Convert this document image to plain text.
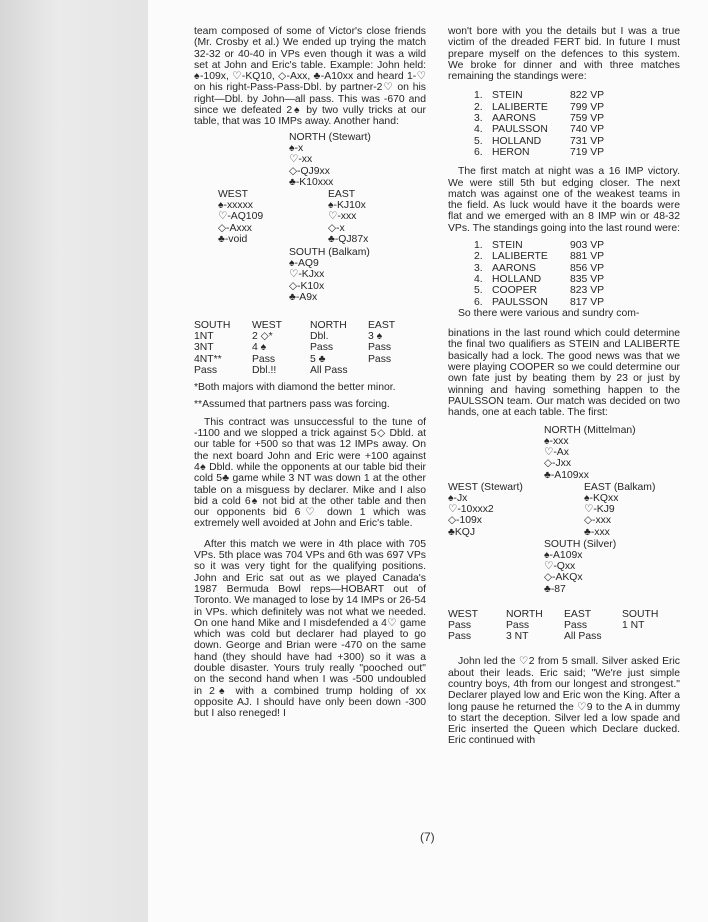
team composed of some of Victor's close friends (Mr. Crosby et al.) We ended up trying the match 32-32 or 40-40 in VPs even though it was a wild set at John and Eric's table. Example: John held: ♠-109x, ♡-KQ10, ◇-Axx, ♣-A10xx and heard 1-♡ on his right-Pass-Pass-Dbl. by partner-2♡ on his right—Dbl. by John—all pass. This was -670 and since we defeated 2♠ by two vully tricks at our table, that was 10 IMPs away. Another hand:

NORTH (Stewart)
♠-x
♡-xx
◇-QJ9xx
♣-K10xxx
WEST
♠-xxxxx
♡-AQ109
◇-Axxx
♣-void
EAST
♠-KJ10x
♡-xxx
◇-x
♣-QJ87x
SOUTH (Balkam)
♠-AQ9
♡-KJxx
◇-K10x
♣-A9x
SOUTH	WEST	NORTH	EAST
1NT	2 ◇*	Dbl.	3 ♠
3NT	4 ♠	Pass	Pass
4NT**	Pass	5 ♣	Pass
Pass	Dbl.!!	All Pass	

*Both majors with diamond the better minor.

**Assumed that partners pass was forcing.

This contract was unsuccessful to the tune of -1100 and we slopped a trick against 5◇ Dbld. at our table for +500 so that was 12 IMPs away. On the next board John and Eric were +100 against 4♠ Dbld. while the opponents at our table bid their cold 5♣ game while 3 NT was down 1 at the other table on a misguess by declarer. Mike and I also bid a cold 6♠ not bid at the other table and then our opponents bid 6♡ down 1 which was extremely well avoided at John and Eric's table.

After this match we were in 4th place with 705 VPs. 5th place was 704 VPs and 6th was 697 VPs so it was very tight for the qualifying positions. John and Eric sat out as we played Canada's 1987 Bermuda Bowl reps—HOBART out of Toronto. We managed to lose by 14 IMPs or 26-54 in VPs. which definitely was not what we needed. On one hand Mike and I misdefended a 4♡ game which was cold but declarer had played to go down. George and Brian were -470 on the same hand (they should have had +300) so it was a double disaster. Yours truly really "pooched out" on the second hand when I was -500 undoubled in 2♠ with a combined trump holding of xx opposite AJ. I should have only been down -300 but I also reneged! I

won't bore with you the details but I was a true victim of the dreaded FERT bid. In future I must prepare myself on the defences to this system. We broke for dinner and with three matches remaining the standings were:

1.	STEIN	822 VP
2.	LALIBERTE	799 VP
3.	AARONS	759 VP
4.	PAULSSON	740 VP
5.	HOLLAND	731 VP
6.	HERON	719 VP

The first match at night was a 16 IMP victory. We were still 5th but edging closer. The next match was against one of the weakest teams in the field. As luck would have it the boards were flat and we emerged with an 8 IMP win or 48-32 VPs. The standings going into the last round were:

1.	STEIN	903 VP
2.	LALIBERTE	881 VP
3.	AARONS	856 VP
4.	HOLLAND	835 VP
5.	COOPER	823 VP
6.	PAULSSON	817 VP

So there were various and sundry com-

binations in the last round which could determine the final two qualifiers as STEIN and LALIBERTE basically had a lock. The good news was that we were playing COOPER so we could determine our own fate just by beating them by 23 or just by winning and having something happen to the PAULSSON team. Our match was decided on two hands, one at each table. The first:

NORTH (Mittelman)
♠-xxx
♡-Ax
◇-Jxx
♣-A109xx
WEST (Stewart)
♠-Jx
♡-10xxx2
◇-109x
♣KQJ
EAST (Balkam)
♠-KQxx
♡-KJ9
◇-xxx
♣-xxx
SOUTH (Silver)
♠-A109x
♡-Qxx
◇-AKQx
♣-87
WEST	NORTH	EAST	SOUTH
Pass	Pass	Pass	1 NT
Pass	3 NT	All Pass	

John led the ♡2 from 5 small. Silver asked Eric about their leads. Eric said; "We're just simple country boys, 4th from our longest and strongest." Declarer played low and Eric won the King. After a long pause he returned the ♡9 to the A in dummy to start the deception. Silver led a low spade and Eric inserted the Queen which Declare ducked. Eric continued with

(7)
